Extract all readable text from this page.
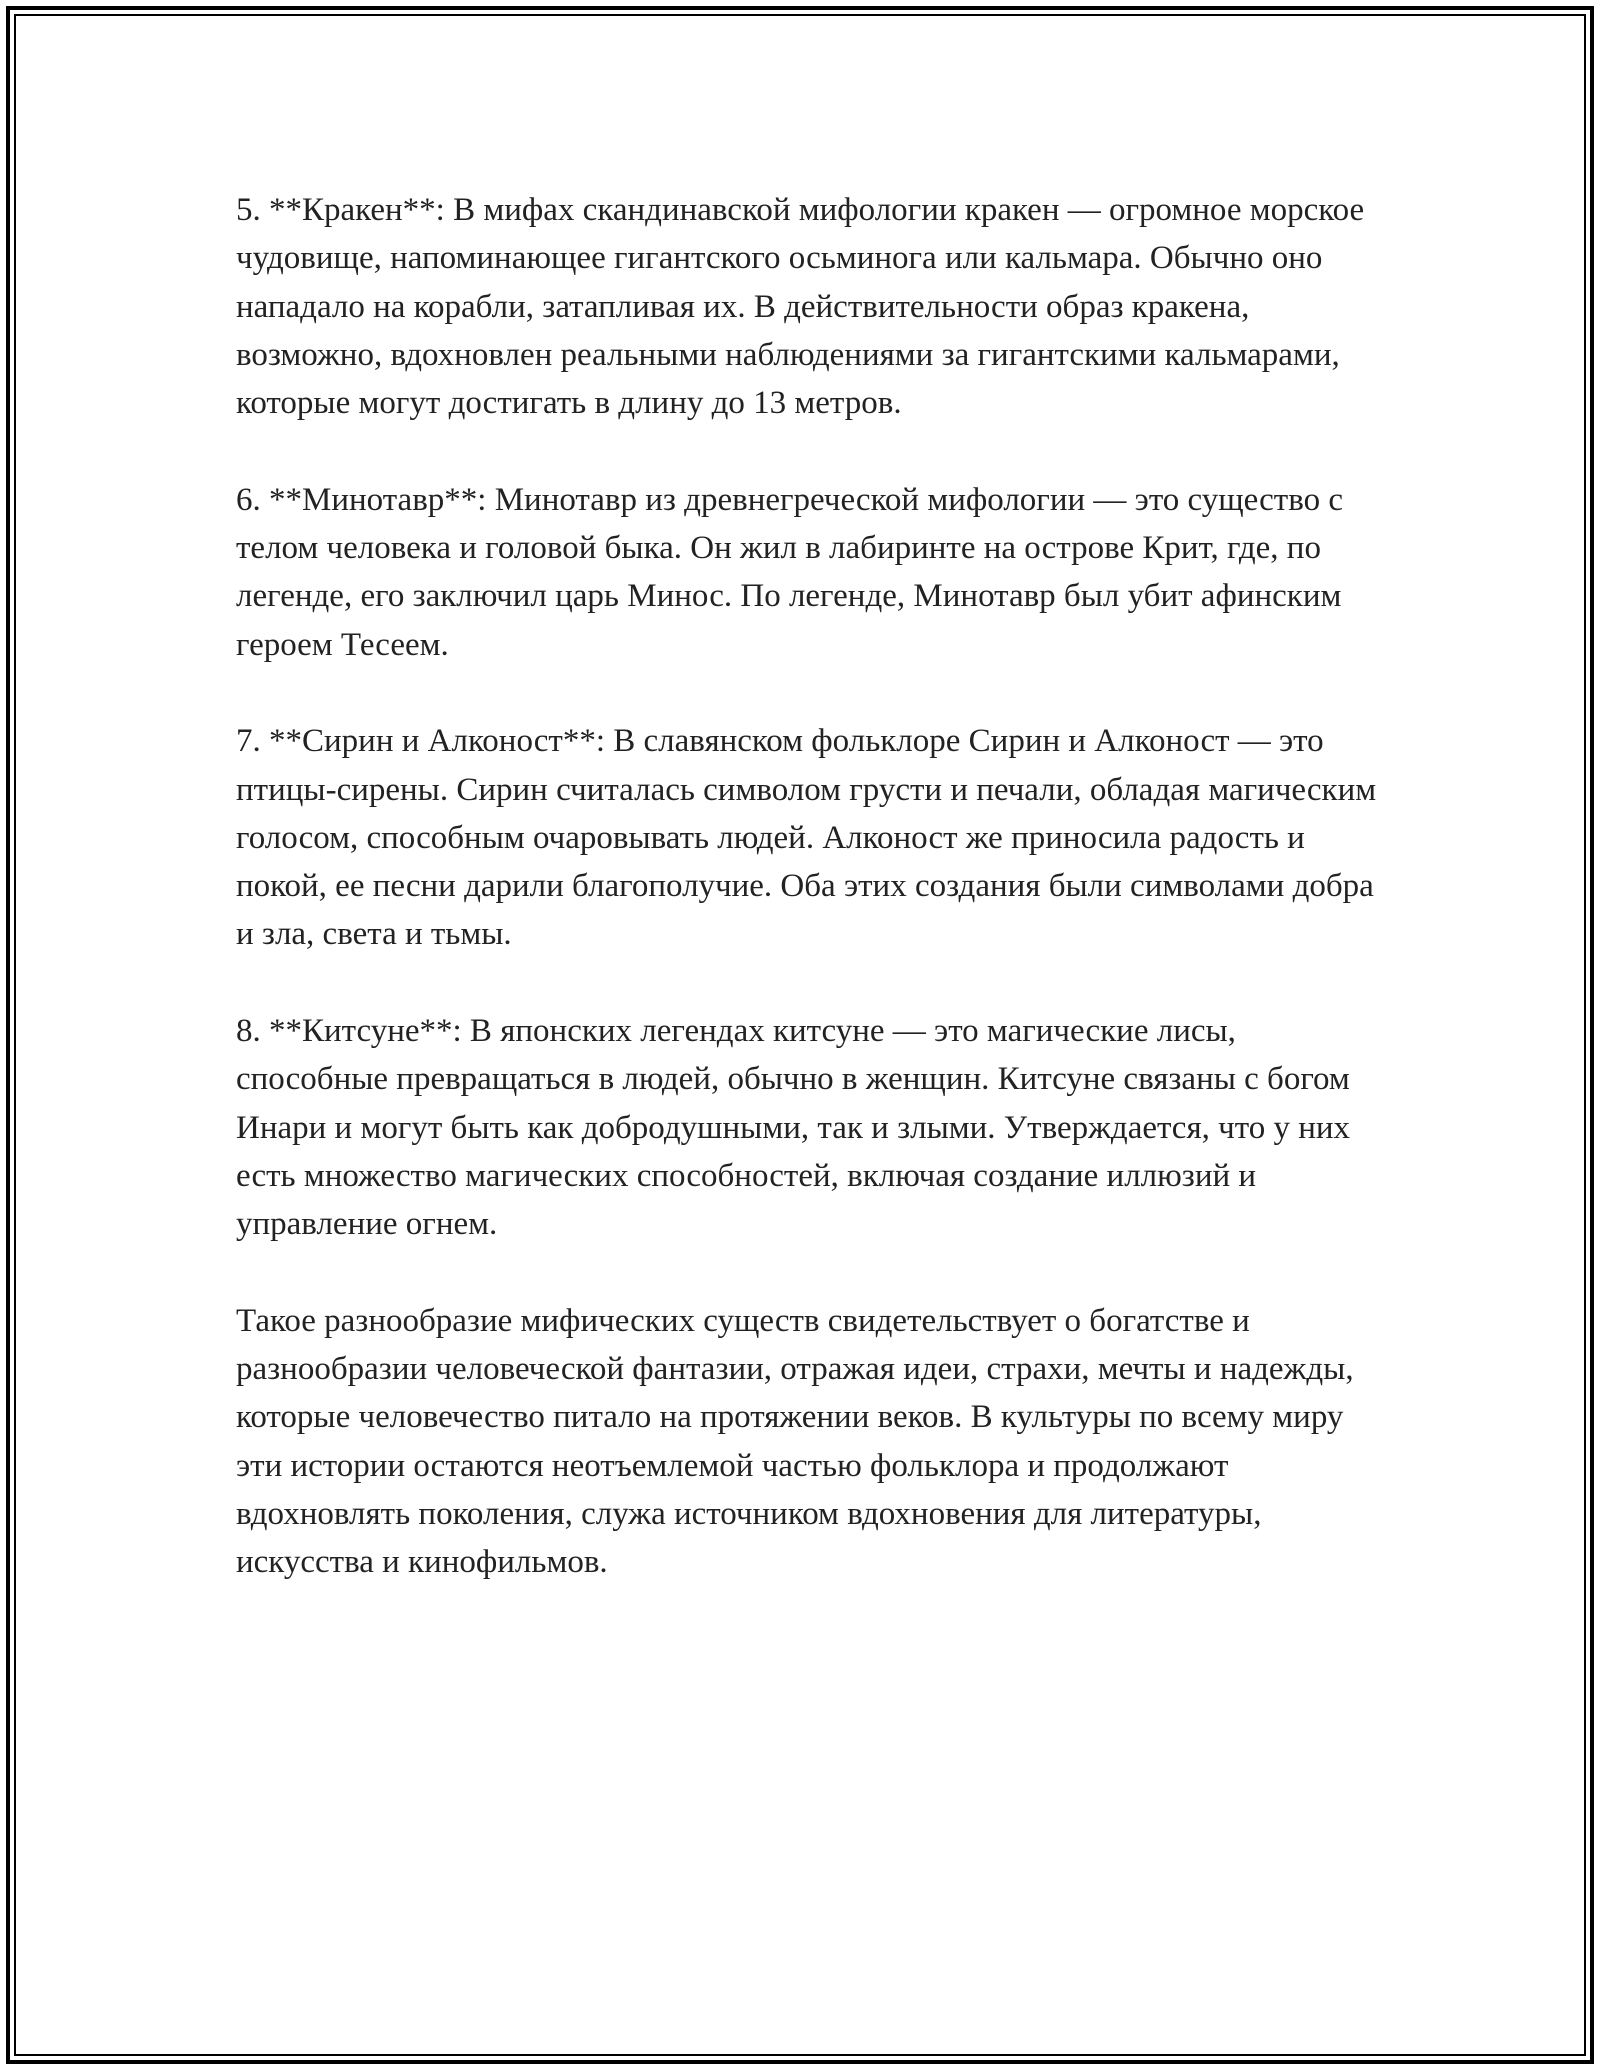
5. **Кракен**: В мифах скандинавской мифологии кракен — огромное морское чудовище, напоминающее гигантского осьминога или кальмара. Обычно оно нападало на корабли, затапливая их. В действительности образ кракена, возможно, вдохновлен реальными наблюдениями за гигантскими кальмарами, которые могут достигать в длину до 13 метров.

6. **Минотавр**: Минотавр из древнегреческой мифологии — это существо с телом человека и головой быка. Он жил в лабиринте на острове Крит, где, по легенде, его заключил царь Минос. По легенде, Минотавр был убит афинским героем Тесеем.

7. **Сирин и Алконост**: В славянском фольклоре Сирин и Алконост — это птицы-сирены. Сирин считалась символом грусти и печали, обладая магическим голосом, способным очаровывать людей. Алконост же приносила радость и покой, ее песни дарили благополучие. Оба этих создания были символами добра и зла, света и тьмы.

8. **Китсуне**: В японских легендах китсуне — это магические лисы, способные превращаться в людей, обычно в женщин. Китсуне связаны с богом Инари и могут быть как добродушными, так и злыми. Утверждается, что у них есть множество магических способностей, включая создание иллюзий и управление огнем.

Такое разнообразие мифических существ свидетельствует о богатстве и разнообразии человеческой фантазии, отражая идеи, страхи, мечты и надежды, которые человечество питало на протяжении веков. В культуры по всему миру эти истории остаются неотъемлемой частью фольклора и продолжают вдохновлять поколения, служа источником вдохновения для литературы, искусства и кинофильмов.
